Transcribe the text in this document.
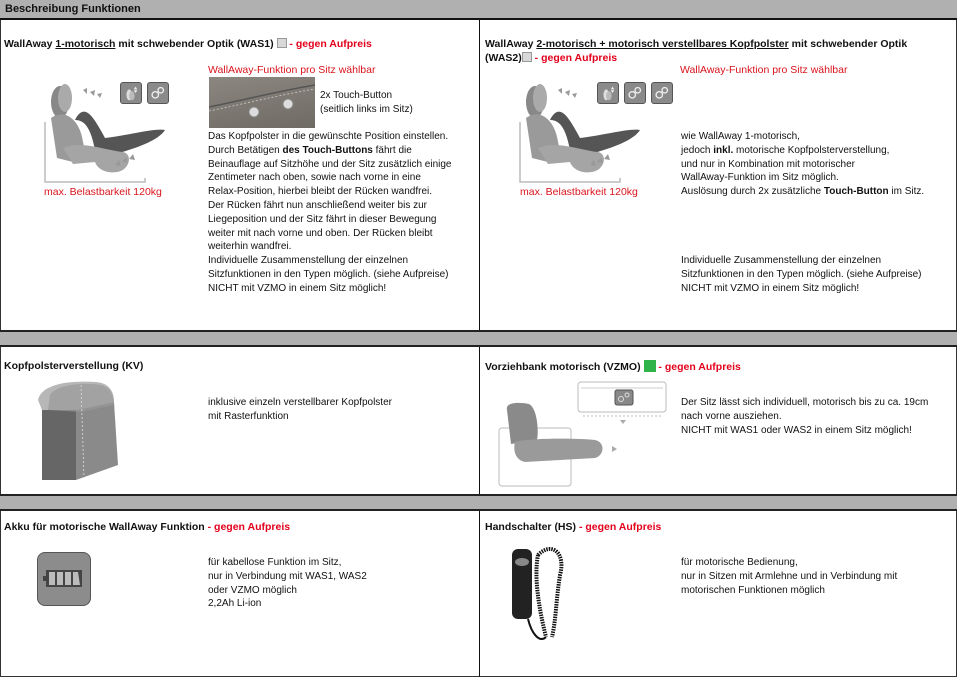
Beschreibung Funktionen
WallAway 1-motorisch mit schwebender Optik (WAS1)  - gegen Aufpreis
max. Belastbarkeit 120kg
WallAway-Funktion pro Sitz wählbar
2x Touch-Button
(seitlich links im Sitz)
Das Kopfpolster in die gewünschte Position einstellen.
Durch Betätigen des Touch-Buttons fährt die
Beinauflage auf Sitzhöhe und der Sitz zusätzlich einige
Zentimeter nach oben, sowie nach vorne in eine
Relax-Position, hierbei bleibt der Rücken wandfrei.
Der Rücken fährt nun anschließend weiter bis zur
Liegeposition und der Sitz fährt in dieser Bewegung
weiter mit nach vorne und oben. Der Rücken bleibt
weiterhin wandfrei.
Individuelle Zusammenstellung der einzelnen
Sitzfunktionen in den Typen möglich. (siehe Aufpreise)
NICHT mit VZMO in einem Sitz möglich!
WallAway 2-motorisch + motorisch verstellbares Kopfpolster mit schwebender Optik
(WAS2) - gegen Aufpreis
WallAway-Funktion pro Sitz wählbar
max. Belastbarkeit 120kg
wie WallAway 1-motorisch,
jedoch inkl. motorische Kopfpolsterverstellung,
und nur in Kombination mit motorischer
WallAway-Funktion im Sitz möglich.
Auslösung durch 2x zusätzliche Touch-Button im Sitz.
Individuelle Zusammenstellung der einzelnen
Sitzfunktionen in den Typen möglich. (siehe Aufpreise)
NICHT mit VZMO in einem Sitz möglich!
Kopfpolsterverstellung (KV)
inklusive einzeln verstellbarer Kopfpolster
mit Rasterfunktion
Vorziehbank motorisch (VZMO)  - gegen Aufpreis
Der Sitz lässt sich individuell, motorisch bis zu ca. 19cm
nach vorne ausziehen.
NICHT mit WAS1 oder WAS2 in einem Sitz möglich!
Akku für motorische WallAway Funktion - gegen Aufpreis
für kabellose Funktion im Sitz,
nur in Verbindung mit WAS1, WAS2
oder VZMO möglich
2,2Ah Li-ion
Handschalter (HS) - gegen Aufpreis
für motorische Bedienung,
nur in Sitzen mit Armlehne und in Verbindung mit
motorischen Funktionen möglich
